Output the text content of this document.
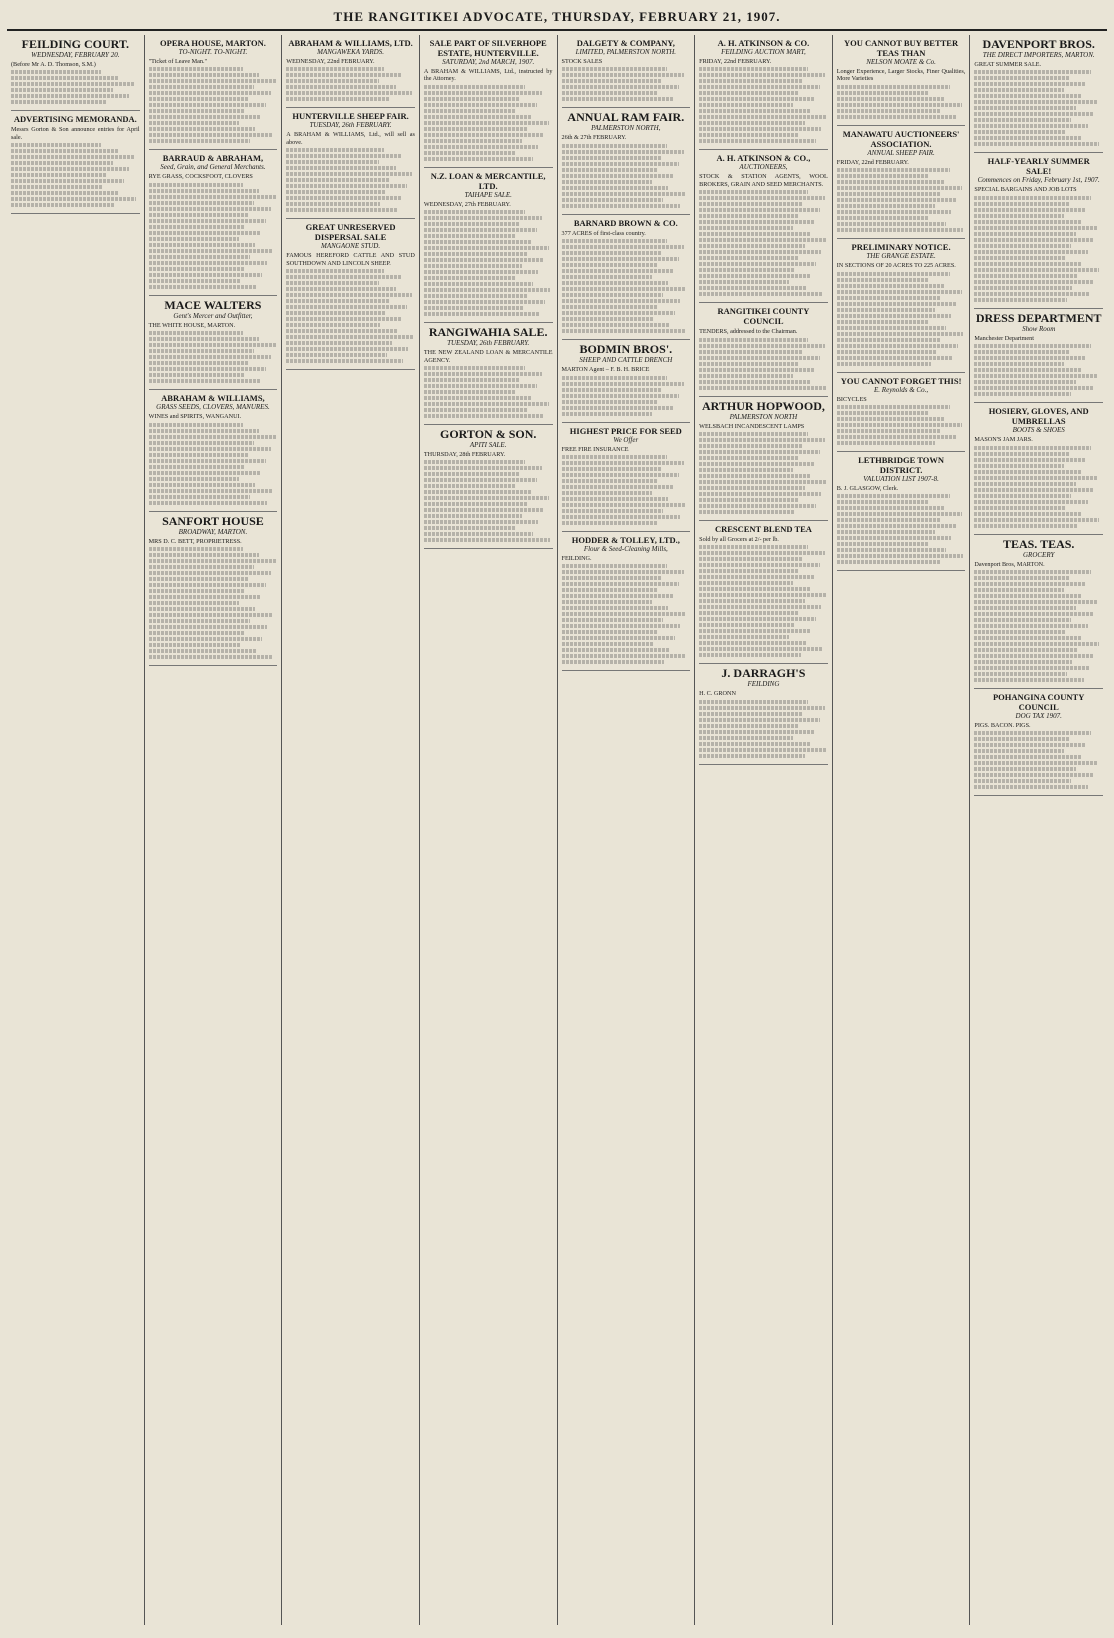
THE RANGITIKEI ADVOCATE, THURSDAY, FEBRUARY 21, 1907.
FEILDING COURT.
WEDNESDAY, FEBRUARY 20.
(Before Mr A. D. Thomson, S.M.)
ADVERTISING MEMORANDA.
Messrs Gorton & Son announce entries for April sale.
OPERA HOUSE, MARTON.
TO-NIGHT. TO-NIGHT.
"Ticket of Leave Man."
BARRAUD & ABRAHAM,
Seed, Grain, and General Merchants.
RYE GRASS, COCKSFOOT, CLOVERS
MACE WALTERS
Gent's Mercer and Outfitter,
THE WHITE HOUSE, MARTON.
ABRAHAM & WILLIAMS,
GRASS SEEDS, CLOVERS, MANURES.
WINES and SPIRITS, WANGANUI.
SANFORT HOUSE
BROADWAY, MARTON.
MRS D. C. BETT, PROPRIETRESS.
ABRAHAM & WILLIAMS, LTD.
MANGAWEKA YARDS.
WEDNESDAY, 22nd FEBRUARY.
HUNTERVILLE SHEEP FAIR.
TUESDAY, 26th FEBRUARY.
A BRAHAM & WILLIAMS, Ltd., will sell as above.
GREAT UNRESERVED DISPERSAL SALE
MANGAONE STUD.
FAMOUS HEREFORD CATTLE AND STUD SOUTHDOWN AND LINCOLN SHEEP.
SALE PART OF SILVERHOPE ESTATE, HUNTERVILLE.
SATURDAY, 2nd MARCH, 1907.
A BRAHAM & WILLIAMS, Ltd., instructed by the Attorney.
N.Z. LOAN & MERCANTILE, LTD.
TAIHAPE SALE.
WEDNESDAY, 27th FEBRUARY.
RANGIWAHIA SALE.
TUESDAY, 26th FEBRUARY.
THE NEW ZEALAND LOAN & MERCANTILE AGENCY.
GORTON & SON.
APITI SALE.
THURSDAY, 28th FEBRUARY.
DALGETY & COMPANY,
LIMITED, PALMERSTON NORTH.
STOCK SALES
ANNUAL RAM FAIR.
PALMERSTON NORTH,
26th & 27th FEBRUARY.
BARNARD BROWN & CO.
377 ACRES of first-class country.
BODMIN BROS'.
SHEEP AND CATTLE DRENCH
MARTON Agent – F. B. H. BRICE
HIGHEST PRICE FOR SEED
We Offer
FREE FIRE INSURANCE
HODDER & TOLLEY, LTD.,
Flour & Seed-Cleaning Mills,
FEILDING.
A. H. ATKINSON & CO.
FEILDING AUCTION MART,
FRIDAY, 22nd FEBRUARY.
A. H. ATKINSON & CO.,
AUCTIONEERS,
STOCK & STATION AGENTS, WOOL BROKERS, GRAIN AND SEED MERCHANTS.
RANGITIKEI COUNTY COUNCIL
TENDERS, addressed to the Chairman.
ARTHUR HOPWOOD,
PALMERSTON NORTH
WELSBACH INCANDESCENT LAMPS
CRESCENT BLEND TEA
Sold by all Grocers at 2/- per lb.
J. DARRAGH'S
FEILDING
H. C. GRONN
YOU CANNOT BUY BETTER TEAS THAN
NELSON MOATE & Co.
Longer Experience, Larger Stocks, Finer Qualities, More Varieties
MANAWATU AUCTIONEERS' ASSOCIATION.
ANNUAL SHEEP FAIR.
FRIDAY, 22nd FEBRUARY.
PRELIMINARY NOTICE.
THE GRANGE ESTATE.
IN SECTIONS OF 20 ACRES TO 225 ACRES.
YOU CANNOT FORGET THIS!
E. Reynolds & Co.,
BICYCLES
LETHBRIDGE TOWN DISTRICT.
VALUATION LIST 1907-8.
B. J. GLASGOW, Clerk.
DAVENPORT BROS.
THE DIRECT IMPORTERS, MARTON.
GREAT SUMMER SALE.
HALF-YEARLY SUMMER SALE!
Commences on Friday, February 1st, 1907.
SPECIAL BARGAINS AND JOB LOTS
DRESS DEPARTMENT
Show Room
Manchester Department
HOSIERY, GLOVES, AND UMBRELLAS
BOOTS & SHOES
MASON'S JAM JARS.
TEAS. TEAS.
GROCERY
Davenport Bros, MARTON.
POHANGINA COUNTY COUNCIL
DOG TAX 1907.
PIGS. BACON. PIGS.
